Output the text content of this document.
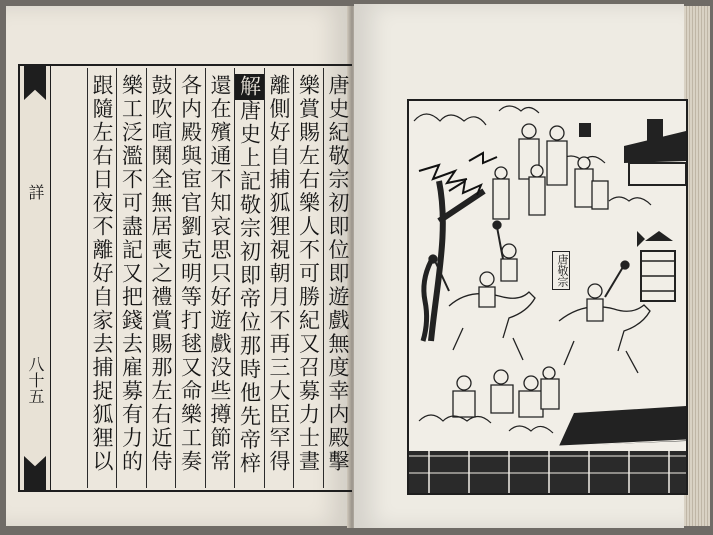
詳
八十五
唐史紀敬宗初即位即遊戲無度幸内殿擊
樂賞賜左右樂人不可勝紀又召募力士晝
離側好自捕狐狸視朝月不再三大臣罕得
解唐史上記敬宗初即帝位那時他先帝梓
還在殯通不知哀思只好遊戲没些撙節常
各内殿與宦官劉克明等打毬又命樂工奏
鼓吹喧鬨全無居喪之禮賞賜那左右近侍
樂工泛濫不可盡記又把錢去雇募有力的
跟隨左右日夜不離好自家去捕捉狐狸以
唐敬宗
